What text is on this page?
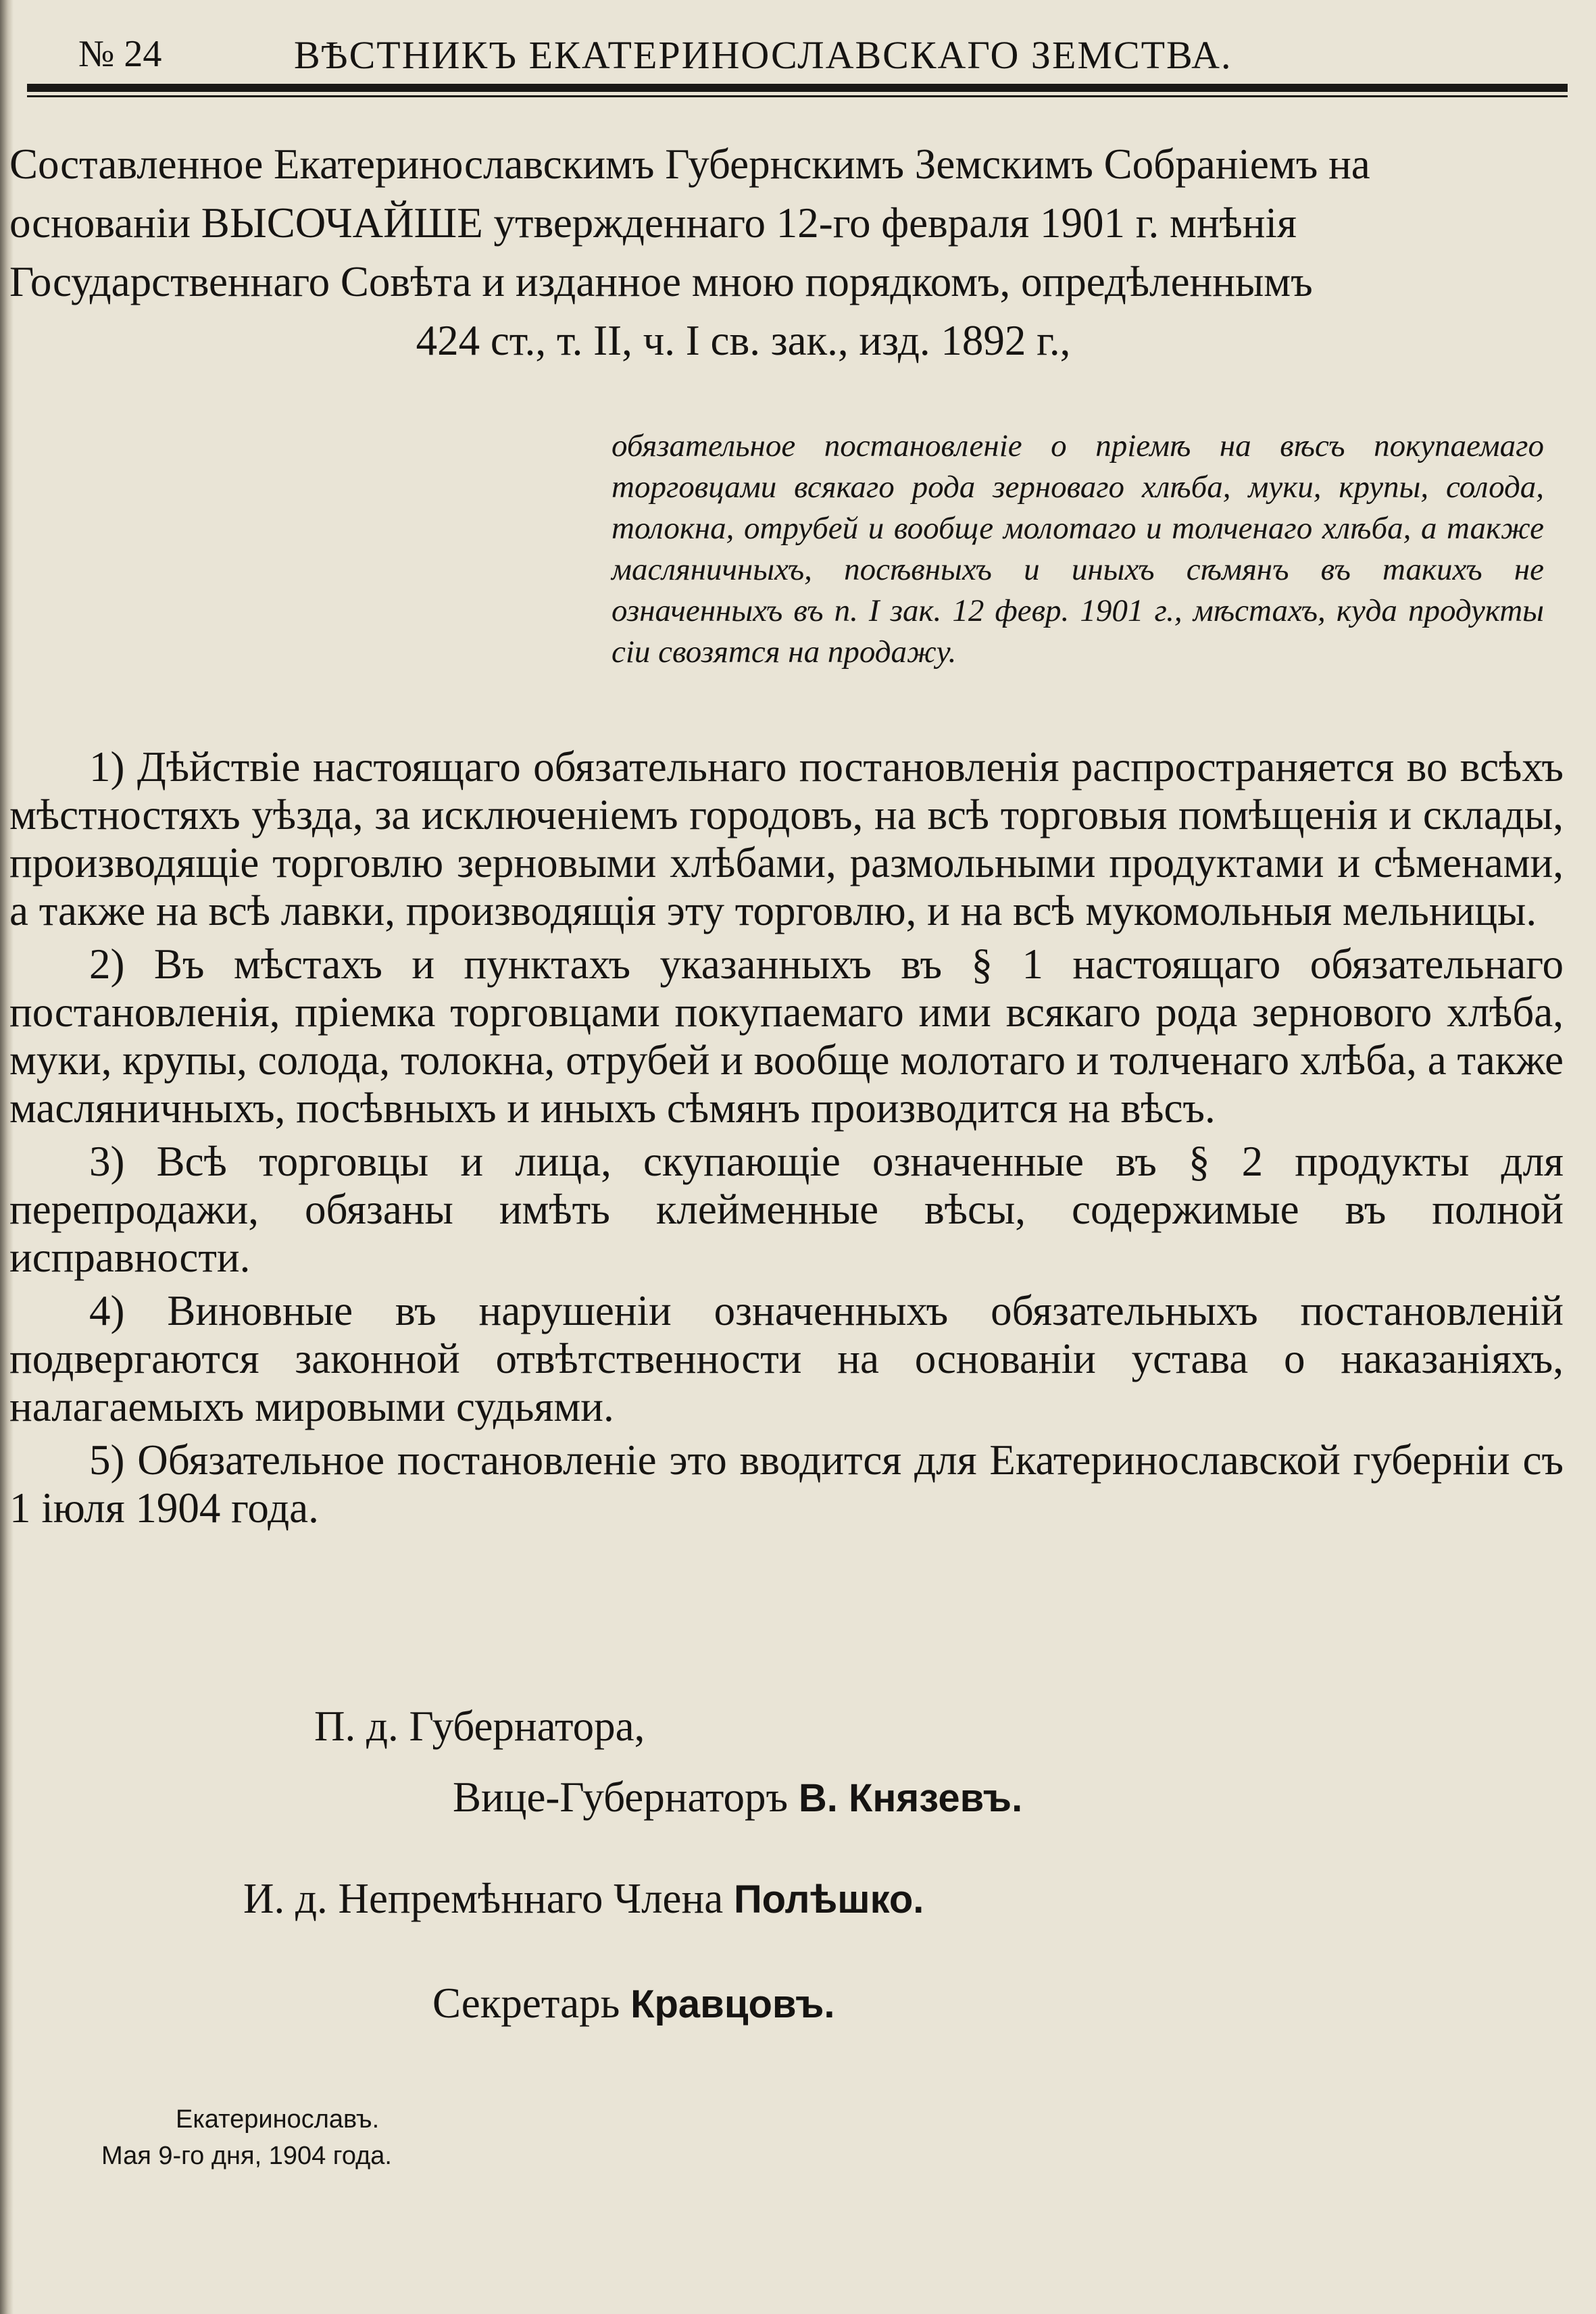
№ 24	ВѢСТНИКЪ ЕКАТЕРИНОСЛАВСКАГО ЗЕМСТВА.
Составленное Екатеринославскимъ Губернскимъ Земскимъ Собраніемъ на
основаніи ВЫСОЧАЙШЕ утвержденнаго 12-го февраля 1901 г. мнѣнія
Государственнаго Совѣта и изданное мною порядкомъ, опредѣленнымъ
424 ст., т. II, ч. I св. зак., изд. 1892 г.,
обязательное постановленіе о пріемѣ на вѣсъ покупаемаго торговцами всякаго рода зерноваго хлѣба, муки, крупы, солода, толокна, отрубей и вообще молотаго и толченаго хлѣба, а также масляничныхъ, посѣвныхъ и иныхъ сѣмянъ въ такихъ не означенныхъ въ п. I зак. 12 февр. 1901 г., мѣстахъ, куда продукты сіи свозятся на продажу.

1) Дѣйствіе настоящаго обязательнаго постановленія распространяется во всѣхъ мѣстностяхъ уѣзда, за исключеніемъ городовъ, на всѣ торговыя помѣщенія и склады, производящіе торговлю зерновыми хлѣбами, размольными продуктами и сѣменами, а также на всѣ лавки, производящія эту торговлю, и на всѣ мукомольныя мельницы.

2) Въ мѣстахъ и пунктахъ указанныхъ въ § 1 настоящаго обязательнаго постановленія, пріемка торговцами покупаемаго ими всякаго рода зернового хлѣба, муки, крупы, солода, толокна, отрубей и вообще молотаго и толченаго хлѣба, а также масляничныхъ, посѣвныхъ и иныхъ сѣмянъ производится на вѣсъ.

3) Всѣ торговцы и лица, скупающіе означенные въ § 2 продукты для перепродажи, обязаны имѣть клейменные вѣсы, содержимые въ полной исправности.

4) Виновные въ нарушеніи означенныхъ обязательныхъ постановленій подвергаются законной отвѣтственности на основаніи устава о наказаніяхъ, налагаемыхъ мировыми судьями.

5) Обязательное постановленіе это вводится для Екатеринославской губерніи съ 1 іюля 1904 года.

П. д. Губернатора,
Вице-Губернаторъ В. Князевъ.
И. д. Непремѣннаго Члена Полѣшко.
Секретарь Кравцовъ.
Екатеринославъ.
Мая 9-го дня, 1904 года.
